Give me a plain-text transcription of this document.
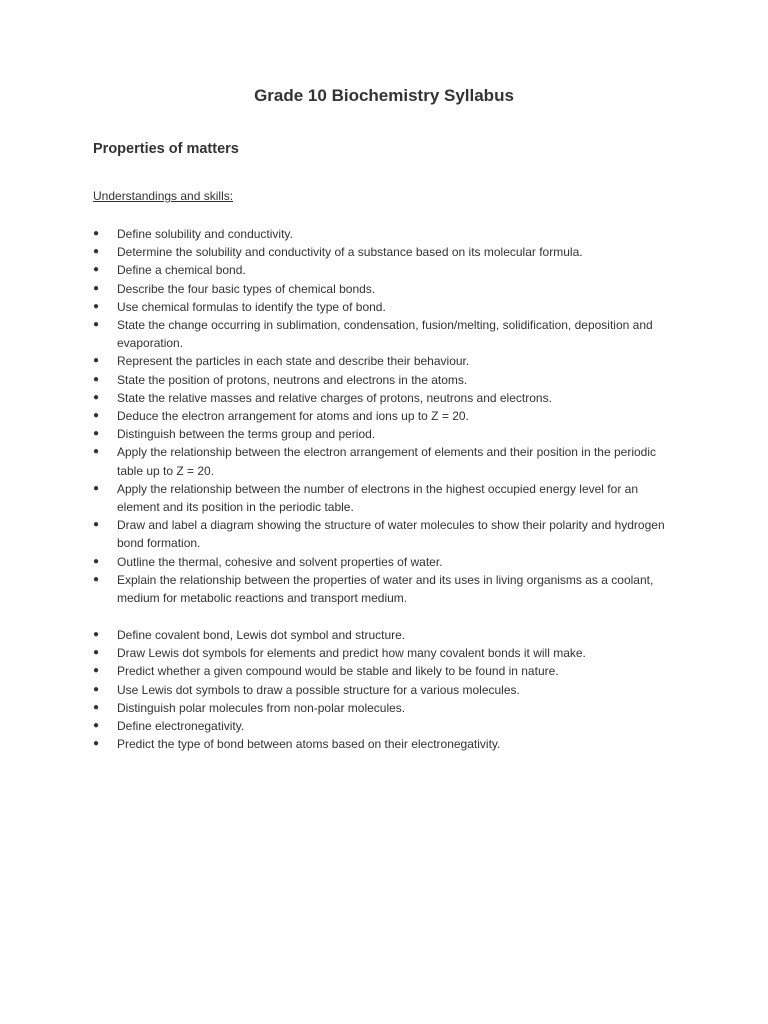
Grade 10 Biochemistry Syllabus
Properties of matters

Understandings and skills:

● Define solubility and conductivity.
● Determine the solubility and conductivity of a substance based on its molecular formula.
● Define a chemical bond.
● Describe the four basic types of chemical bonds.
● Use chemical formulas to identify the type of bond.
● State the change occurring in sublimation, condensation, fusion/melting, solidification, deposition and evaporation.
● Represent the particles in each state and describe their behaviour.
● State the position of protons, neutrons and electrons in the atoms.
● State the relative masses and relative charges of protons, neutrons and electrons.
● Deduce the electron arrangement for atoms and ions up to Z = 20.
● Distinguish between the terms group and period.
● Apply the relationship between the electron arrangement of elements and their position in the periodic table up to Z = 20.
● Apply the relationship between the number of electrons in the highest occupied energy level for an element and its position in the periodic table.
● Draw and label a diagram showing the structure of water molecules to show their polarity and hydrogen bond formation.
● Outline the thermal, cohesive and solvent properties of water.
● Explain the relationship between the properties of water and its uses in living organisms as a coolant, medium for metabolic reactions and transport medium.
● Define covalent bond, Lewis dot symbol and structure.
● Draw Lewis dot symbols for elements and predict how many covalent bonds it will make.
● Predict whether a given compound would be stable and likely to be found in nature.
● Use Lewis dot symbols to draw a possible structure for a various molecules.
● Distinguish polar molecules from non-polar molecules.
● Define electronegativity.
● Predict the type of bond between atoms based on their electronegativity.
